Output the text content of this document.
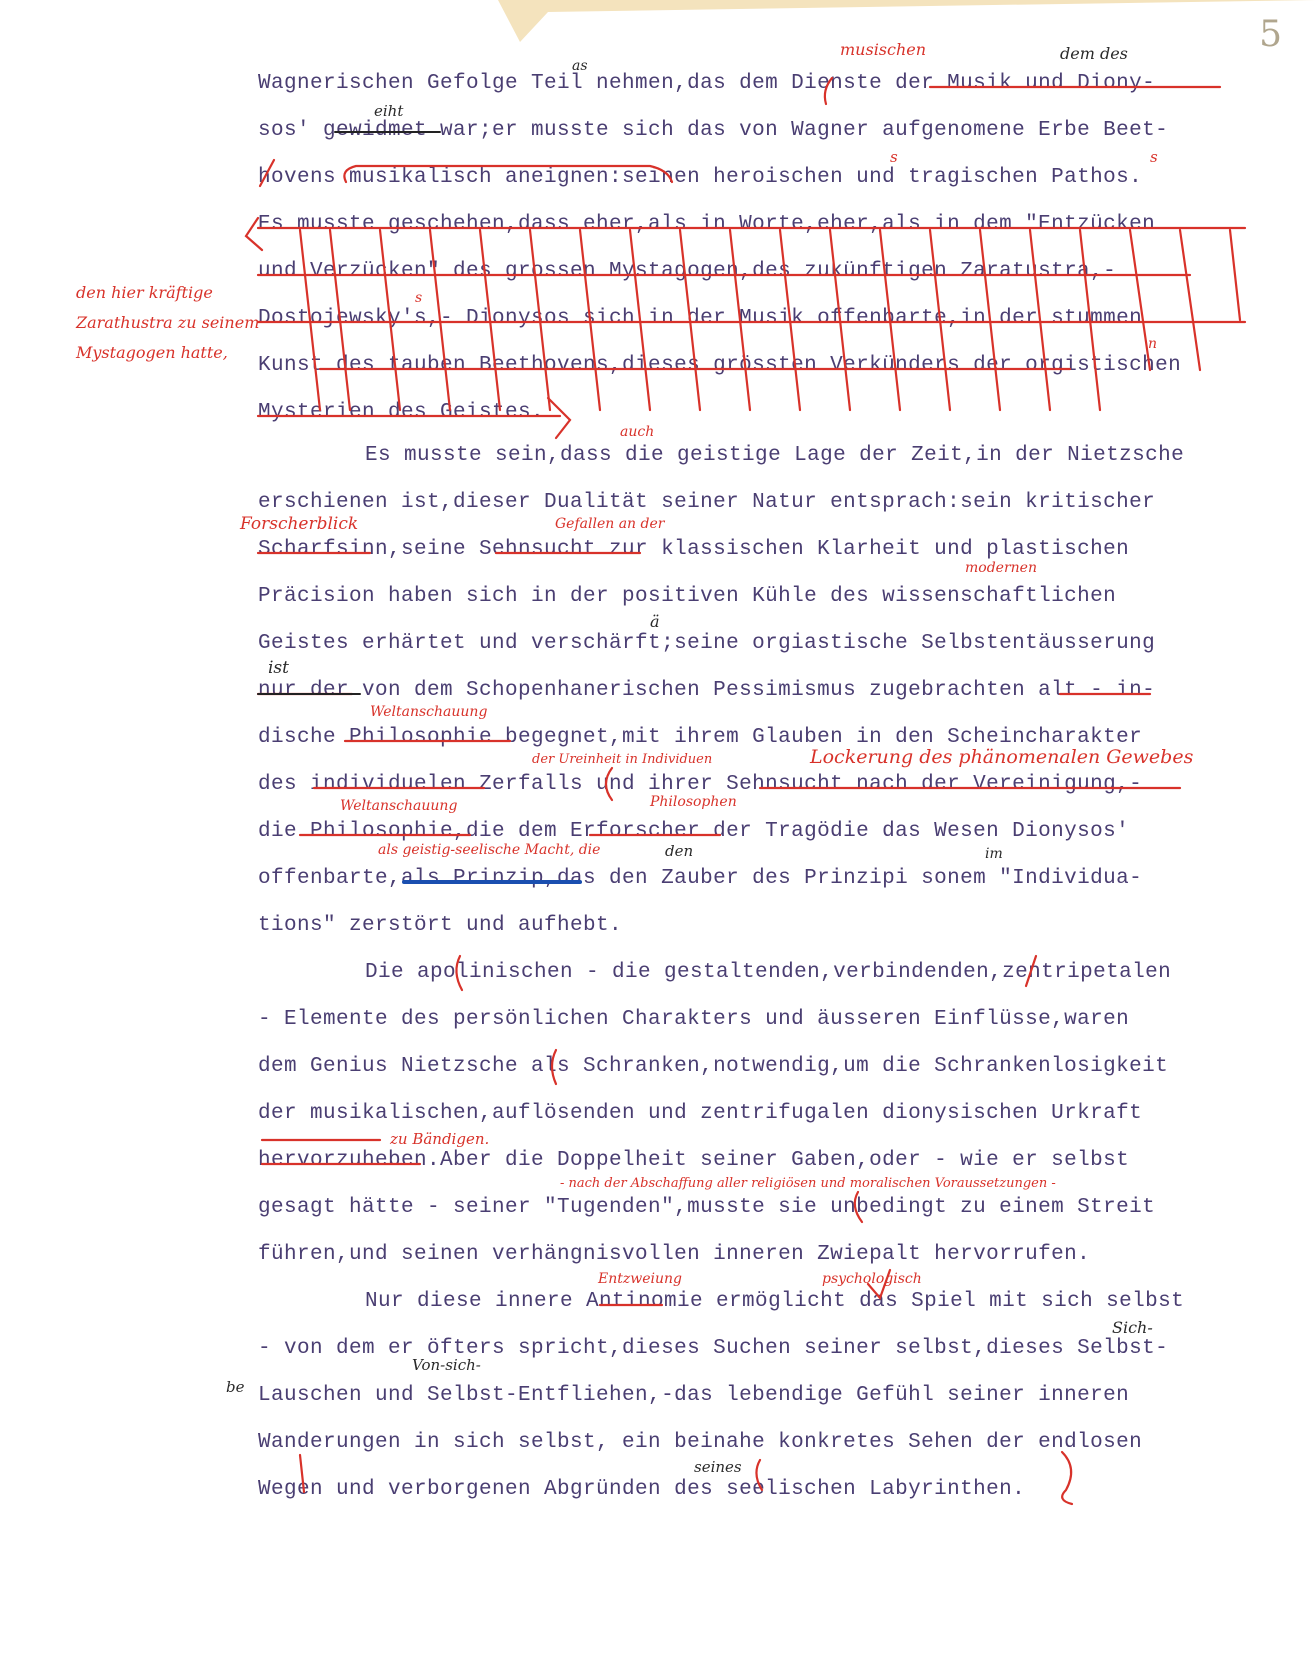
5
Wagnerischen Gefolge Teil nehmen,das dem Dienste der Musik und Diony-
sos' gewidmet war;er musste sich das von Wagner aufgenomene Erbe Beet-
hovens musikalisch aneignen:seinen heroischen und tragischen Pathos.
Es musste geschehen,dass eher,als in Worte,eher,als in dem "Entzücken
und Verzücken" des grossen Mystagogen,des zukünftigen Zaratustra,-
Dostojewsky's,- Dionysos sich in der Musik offenbarte,in der stummen
Kunst des tauben Beethovens,dieses grössten Verkünders der orgistischen
Mysterien des Geistes.
Es musste sein,dass die geistige Lage der Zeit,in der Nietzsche
erschienen ist,dieser Dualität seiner Natur entsprach:sein kritischer
Scharfsinn,seine Sehnsucht zur klassischen Klarheit und plastischen
Präcision haben sich in der positiven Kühle des wissenschaftlichen
Geistes erhärtet und verschärft;seine orgiastische Selbstentäusserung
nur der von dem Schopenhanerischen Pessimismus zugebrachten alt - in-
dische Philosophie begegnet,mit ihrem Glauben in den Scheincharakter
des individuelen Zerfalls und ihrer Sehnsucht nach der Vereinigung,-
die Philosophie,die dem Erforscher der Tragödie das Wesen Dionysos'
offenbarte,als Prinzip,das den Zauber des Prinzipi sonem "Individua-
tions" zerstört und aufhebt.
Die apolinischen - die gestaltenden,verbindenden,zentripetalen
- Elemente des persönlichen Charakters und äusseren Einflüsse,waren
dem Genius Nietzsche als Schranken,notwendig,um die Schrankenlosigkeit
der musikalischen,auflösenden und zentrifugalen dionysischen Urkraft
hervorzuheben.Aber die Doppelheit seiner Gaben,oder - wie er selbst
gesagt hätte - seiner "Tugenden",musste sie unbedingt zu einem Streit
führen,und seinen verhängnisvollen inneren Zwiepalt hervorrufen.
Nur diese innere Antinomie ermöglicht das Spiel mit sich selbst
- von dem er öfters spricht,dieses Suchen seiner selbst,dieses Selbst-
Lauschen und Selbst-Entfliehen,-das lebendige Gefühl seiner inneren
Wanderungen in sich selbst, ein beinahe konkretes Sehen der endlosen
Wegen und verborgenen Abgründen des seelischen Labyrinthen.
musischen	dem des
as
eiht
s	s
den hier kräftige
Zarathustra zu seinem
Mystagogen hatte,
s
n
auch
Forscherblick	Gefallen an der
modernen
ä
ist
Weltanschauung
der Ureinheit in Individuen	Lockerung des phänomenalen Gewebes
Weltanschauung	Philosophen
als geistig-seelische Macht, die	den	im
zu Bändigen.
- nach der Abschaffung aller religiösen und moralischen Voraussetzungen -
Entzweiung	psychologisch
Sich-
Von-sich-
be
seines
